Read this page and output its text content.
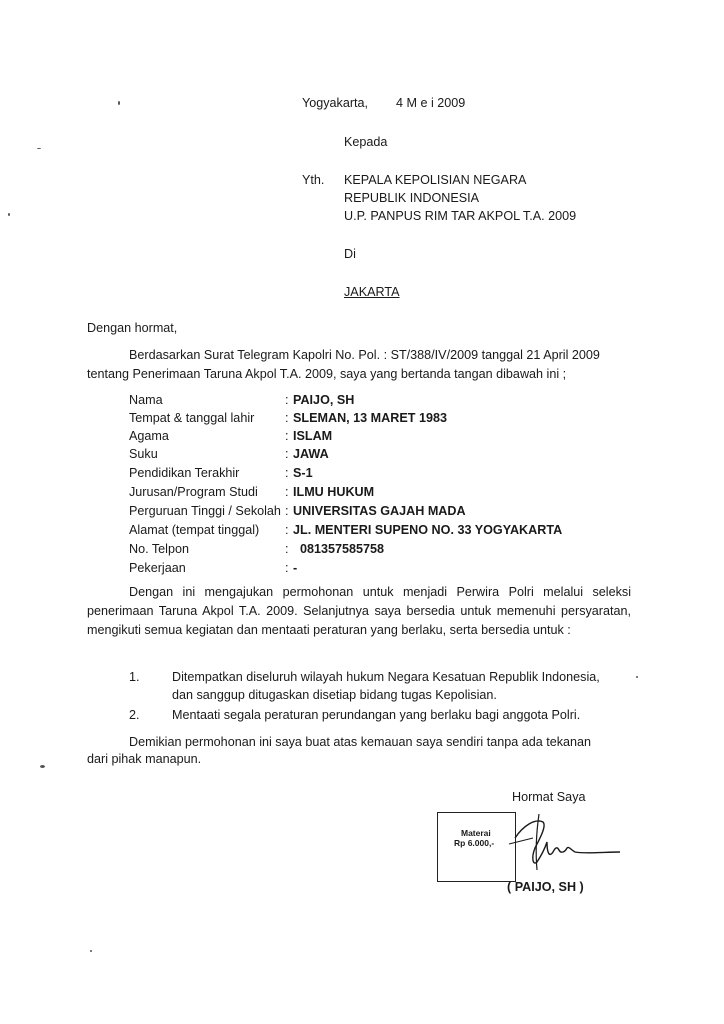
Yogyakarta, 4 M e i 2009
Kepada
Yth. KEPALA KEPOLISIAN NEGARA
REPUBLIK INDONESIA
U.P. PANPUS RIM TAR AKPOL T.A. 2009
Di
JAKARTA
Dengan hormat,
Berdasarkan Surat Telegram Kapolri No. Pol. : ST/388/IV/2009 tanggal 21 April 2009
tentang Penerimaan Taruna Akpol T.A. 2009, saya yang bertanda tangan dibawah ini ;
Nama	: PAIJO, SH
Tempat & tanggal lahir : SLEMAN, 13 MARET 1983
Agama	: ISLAM
Suku	: JAWA
Pendidikan Terakhir	: S-1
Jurusan/Program Studi : ILMU HUKUM
Perguruan Tinggi / Sekolah : UNIVERSITAS GAJAH MADA
Alamat (tempat tinggal) : JL. MENTERI SUPENO NO. 33 YOGYAKARTA
No. Telpon	: 081357585758
Pekerjaan	: -
Dengan ini mengajukan permohonan untuk menjadi Perwira Polri melalui seleksi penerimaan Taruna Akpol T.A. 2009. Selanjutnya saya bersedia untuk memenuhi persyaratan, mengikuti semua kegiatan dan mentaati peraturan yang berlaku, serta bersedia untuk :
1.	Ditempatkan diseluruh wilayah hukum Negara Kesatuan Republik Indonesia,
dan sanggup ditugaskan disetiap bidang tugas Kepolisian.
2.	Mentaati segala peraturan perundangan yang berlaku bagi anggota Polri.
Demikian permohonan ini saya buat atas kemauan saya sendiri tanpa ada tekanan
dari pihak manapun.
Hormat Saya
Materai
Rp 6.000,-
( PAIJO, SH )
